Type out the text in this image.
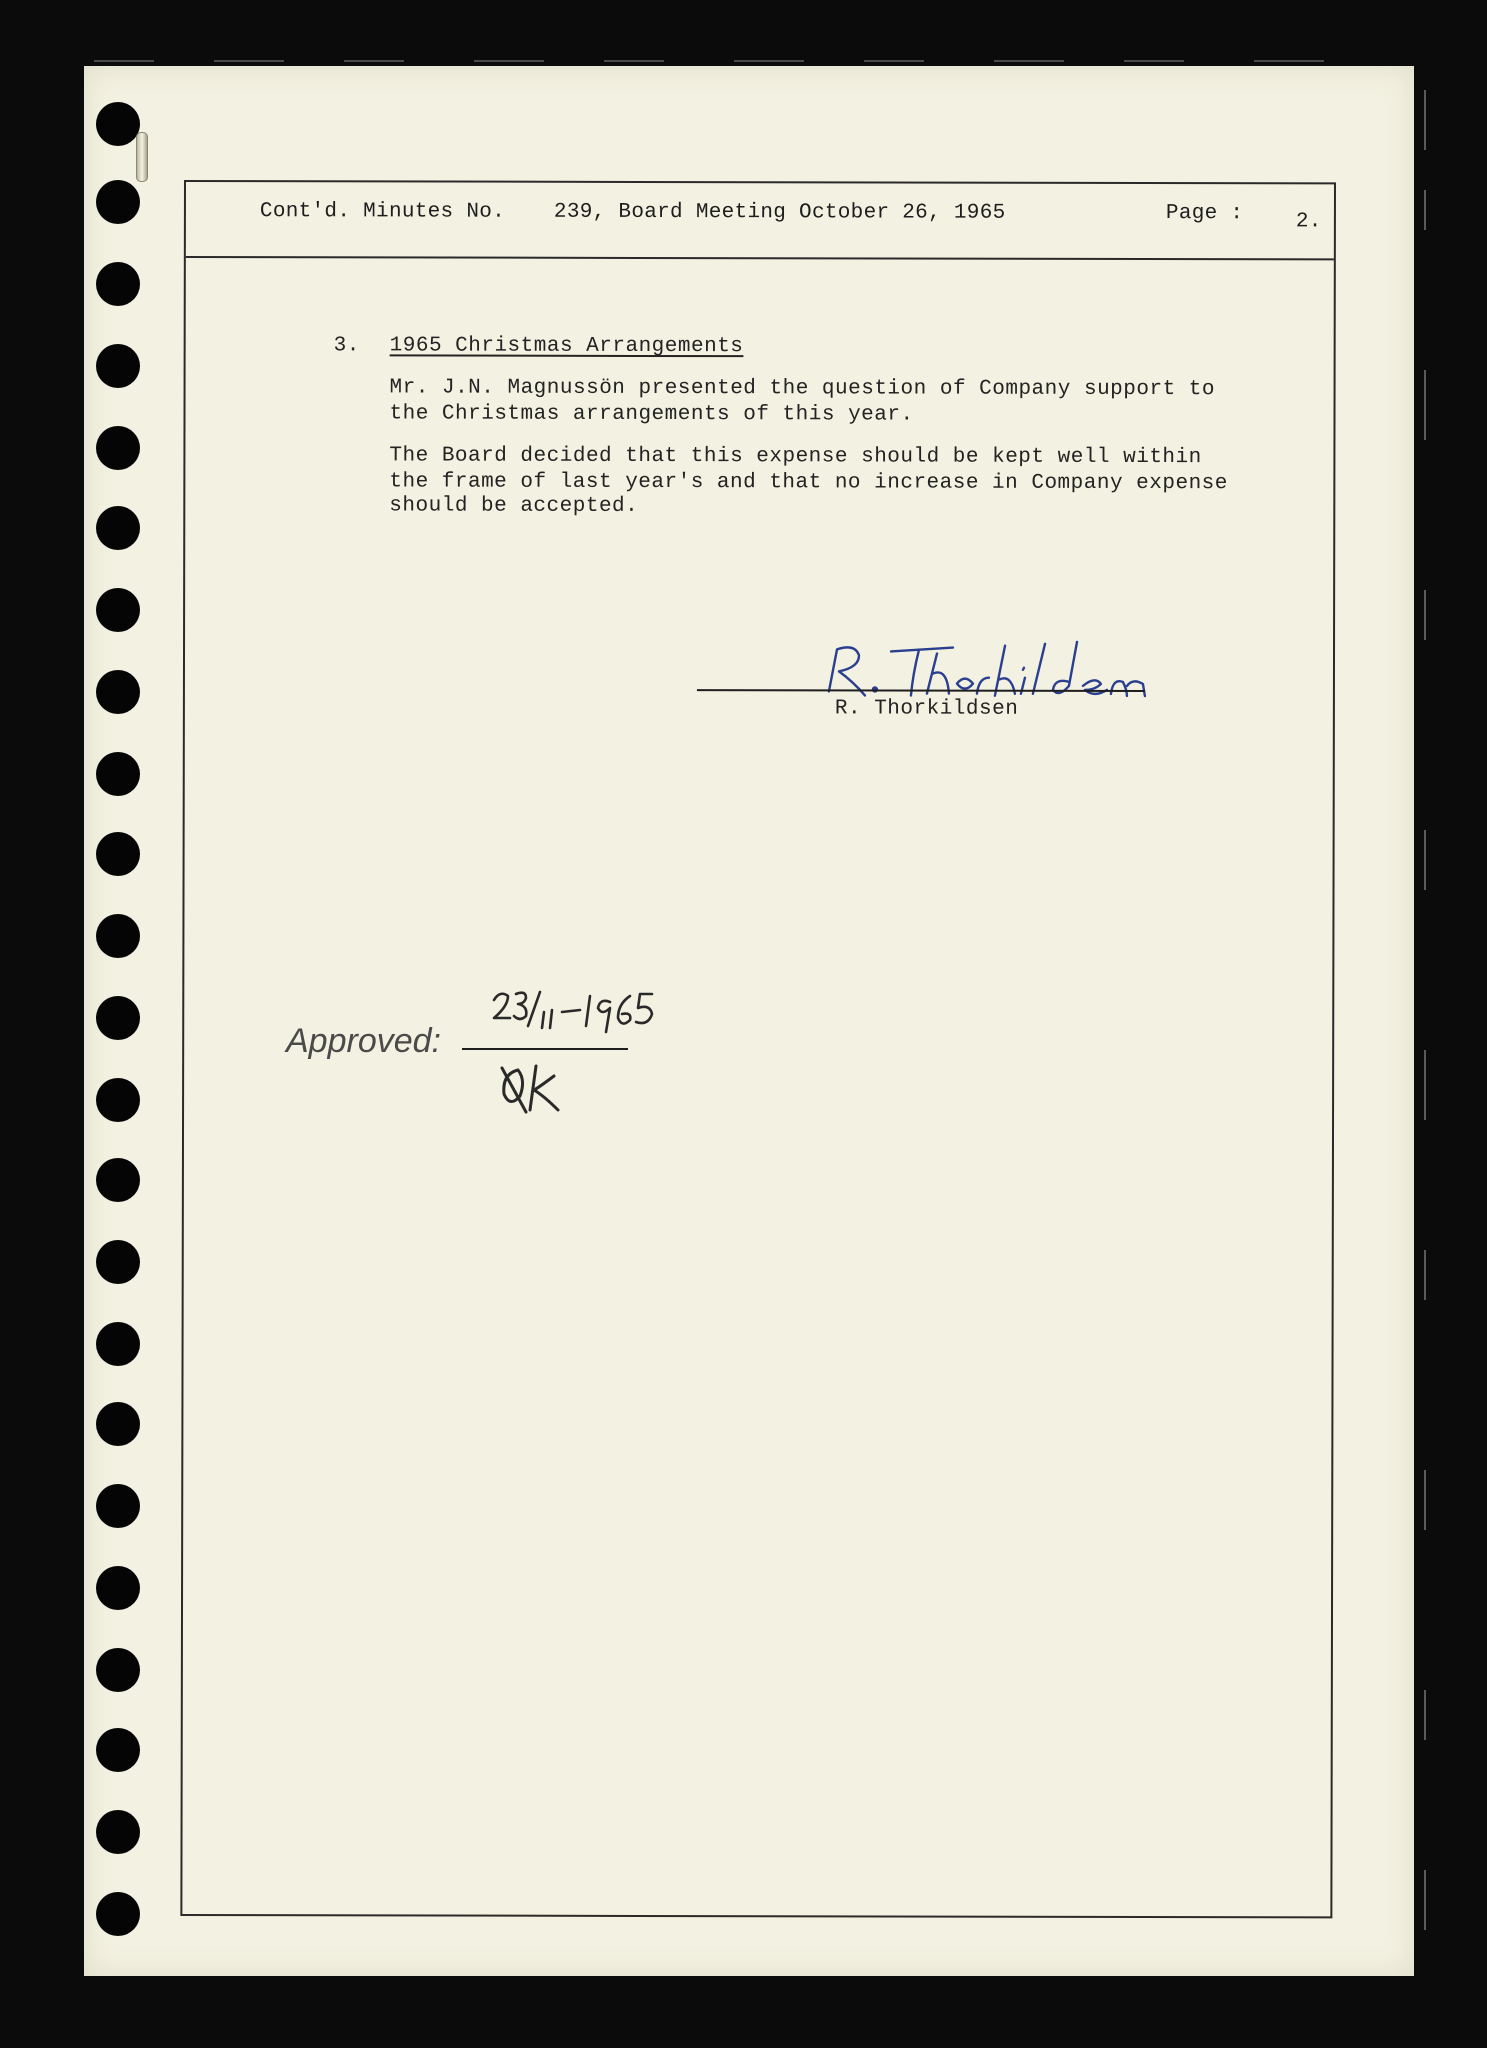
Cont'd. Minutes No. 239, Board Meeting October 26, 1965	Page :	2.
3. 1965 Christmas Arrangements
Mr. J.N. Magnussön presented the question of Company support to
the Christmas arrangements of this year.
The Board decided that this expense should be kept well within
the frame of last year's and that no increase in Company expense
should be accepted.
R. Thorkildsen
Approved:
